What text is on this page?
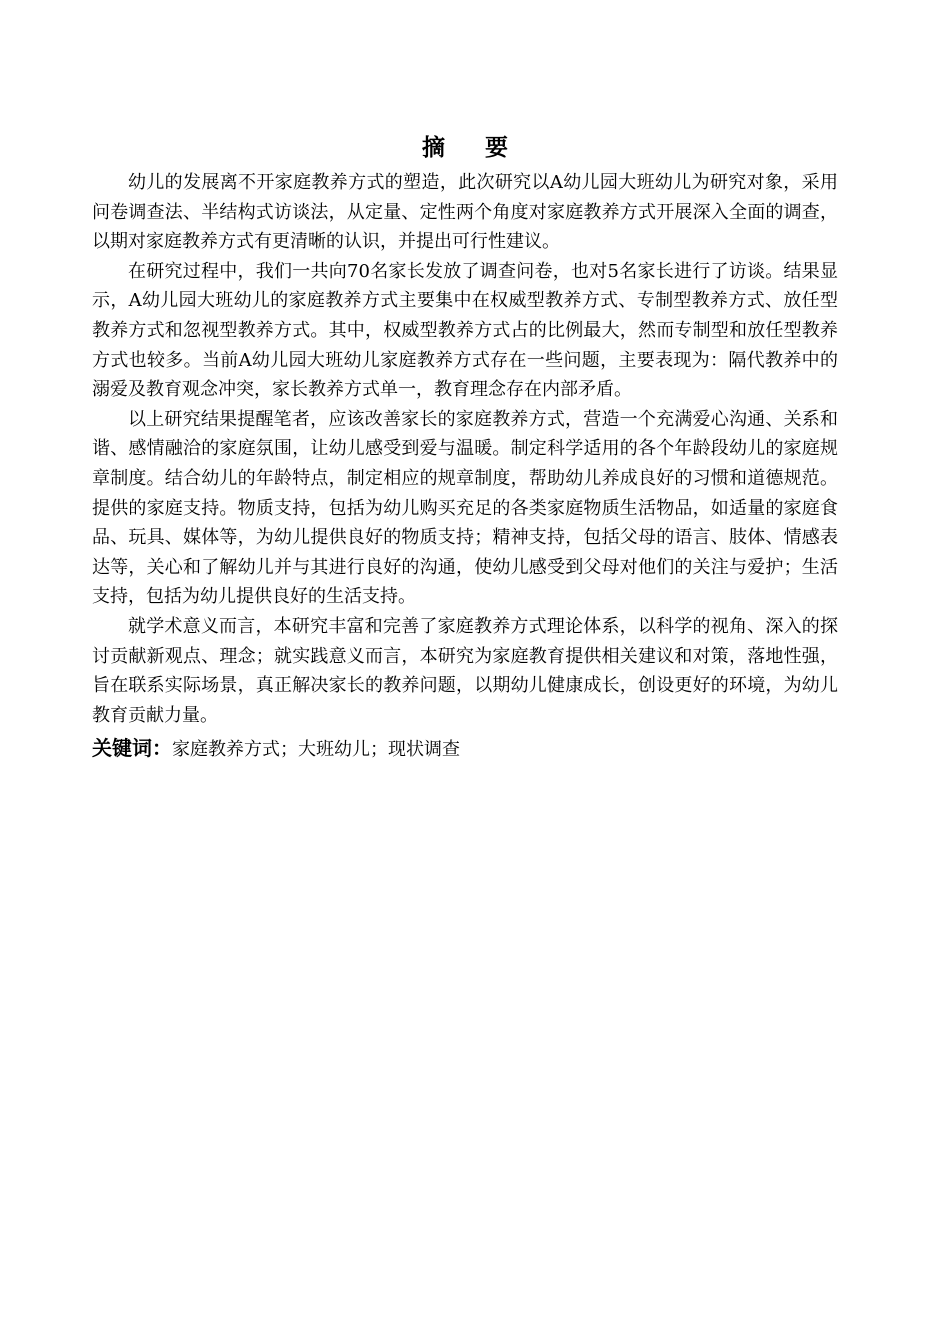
摘要

幼儿的发展离不开家庭教养方式的塑造，此次研究以A幼儿园大班幼儿为研究对象，采用问卷调查法、半结构式访谈法，从定量、定性两个角度对家庭教养方式开展深入全面的调查，以期对家庭教养方式有更清晰的认识，并提出可行性建议。

在研究过程中，我们一共向70名家长发放了调查问卷，也对5名家长进行了访谈。结果显示，A幼儿园大班幼儿的家庭教养方式主要集中在权威型教养方式、专制型教养方式、放任型教养方式和忽视型教养方式。其中，权威型教养方式占的比例最大，然而专制型和放任型教养方式也较多。当前A幼儿园大班幼儿家庭教养方式存在一些问题，主要表现为：隔代教养中的溺爱及教育观念冲突，家长教养方式单一，教育理念存在内部矛盾。

以上研究结果提醒笔者，应该改善家长的家庭教养方式，营造一个充满爱心沟通、关系和谐、感情融洽的家庭氛围，让幼儿感受到爱与温暖。制定科学适用的各个年龄段幼儿的家庭规章制度。结合幼儿的年龄特点，制定相应的规章制度，帮助幼儿养成良好的习惯和道德规范。提供的家庭支持。物质支持，包括为幼儿购买充足的各类家庭物质生活物品，如适量的家庭食品、玩具、媒体等，为幼儿提供良好的物质支持；精神支持，包括父母的语言、肢体、情感表达等，关心和了解幼儿并与其进行良好的沟通，使幼儿感受到父母对他们的关注与爱护；生活支持，包括为幼儿提供良好的生活支持。

就学术意义而言，本研究丰富和完善了家庭教养方式理论体系，以科学的视角、深入的探讨贡献新观点、理念；就实践意义而言，本研究为家庭教育提供相关建议和对策，落地性强，旨在联系实际场景，真正解决家长的教养问题，以期幼儿健康成长，创设更好的环境，为幼儿教育贡献力量。

关键词：家庭教养方式；大班幼儿；现状调查
